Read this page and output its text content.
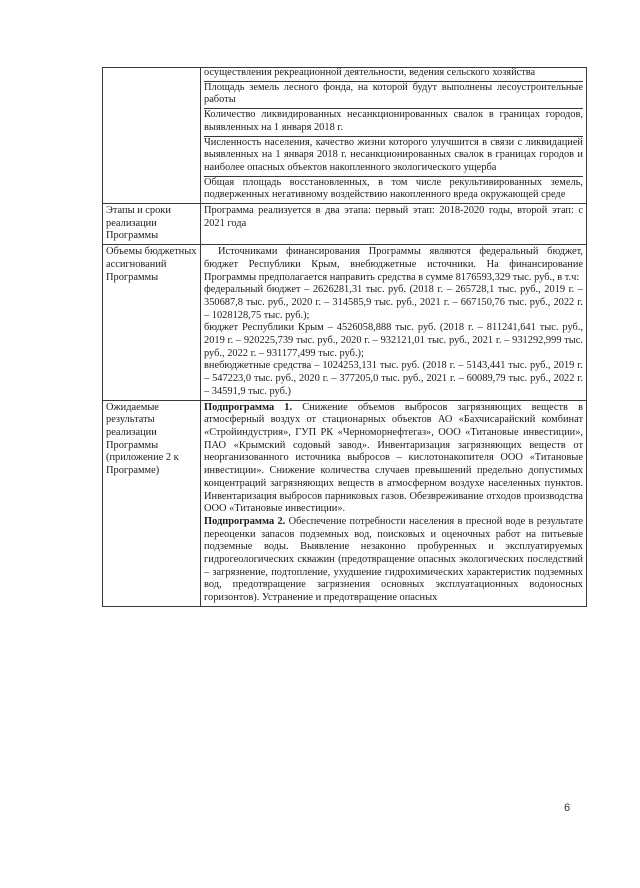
	осуществления рекреационной деятельности, ведения сельского хозяйства
Площадь земель лесного фонда, на которой будут выполнены лесоустроительные работы
Количество ликвидированных несанкционированных свалок в границах городов, выявленных на 1 января 2018 г.
Численность населения, качество жизни которого улучшится в связи с ликвидацией выявленных на 1 января 2018 г. несанкционированных свалок в границах городов и наиболее опасных объектов накопленного экологического ущерба
Общая площадь восстановленных, в том числе рекультивированных земель, подверженных негативному воздействию накопленного вреда окружающей среде

Этапы и сроки реализации Программы	Программа реализуется в два этапа: первый этап: 2018-2020 годы, второй этап: с 2021 года
Объемы бюджетных ассигнований Программы	Источниками финансирования Программы являются федеральный бюджет, бюджет Республики Крым, внебюджетные источники. На финансирование Программы предполагается направить средства в сумме 8176593,329 тыс. руб., в т.ч:

федеральный бюджет – 2626281,31 тыс. руб. (2018 г. – 265728,1 тыс. руб., 2019 г. – 350687,8 тыс. руб., 2020 г. – 314585,9 тыс. руб., 2021 г. – 667150,76 тыс. руб., 2022 г. – 1028128,75 тыс. руб.);

бюджет Республики Крым – 4526058,888 тыс. руб. (2018 г. – 811241,641 тыс. руб., 2019 г. – 920225,739 тыс. руб., 2020 г. – 932121,01 тыс. руб., 2021 г. – 931292,999 тыс. руб., 2022 г. – 931177,499 тыс. руб.);

внебюджетные средства – 1024253,131 тыс. руб. (2018 г. – 5143,441 тыс. руб., 2019 г. – 547223,0 тыс. руб., 2020 г. – 377205,0 тыс. руб., 2021 г. – 60089,79 тыс. руб., 2022 г. – 34591,9 тыс. руб.)

Ожидаемые результаты реализации Программы (приложение 2 к Программе)	Подпрограмма 1. Снижение объемов выбросов загрязняющих веществ в атмосферный воздух от стационарных объектов АО «Бахчисарайский комбинат «Стройиндустрия», ГУП РК «Черноморнефтегаз», ООО «Титановые инвестиции», ПАО «Крымский содовый завод». Инвентаризация загрязняющих веществ от неорганизованного источника выбросов – кислотонакопителя ООО «Титановые инвестиции». Снижение количества случаев превышений предельно допустимых концентраций загрязняющих веществ в атмосферном воздухе населенных пунктов. Инвентаризация выбросов парниковых газов. Обезвреживание отходов производства ООО «Титановые инвестиции».

Подпрограмма 2. Обеспечение потребности населения в пресной воде в результате переоценки запасов подземных вод, поисковых и оценочных работ на питьевые подземные воды. Выявление незаконно пробуренных и эксплуатируемых гидрогеологических скважин (предотвращение опасных экологических последствий – загрязнение, подтопление, ухудшение гидрохимических характеристик подземных вод, предотвращение загрязнения основных эксплуатационных водоносных горизонтов). Устранение и предотвращение опасных

6
